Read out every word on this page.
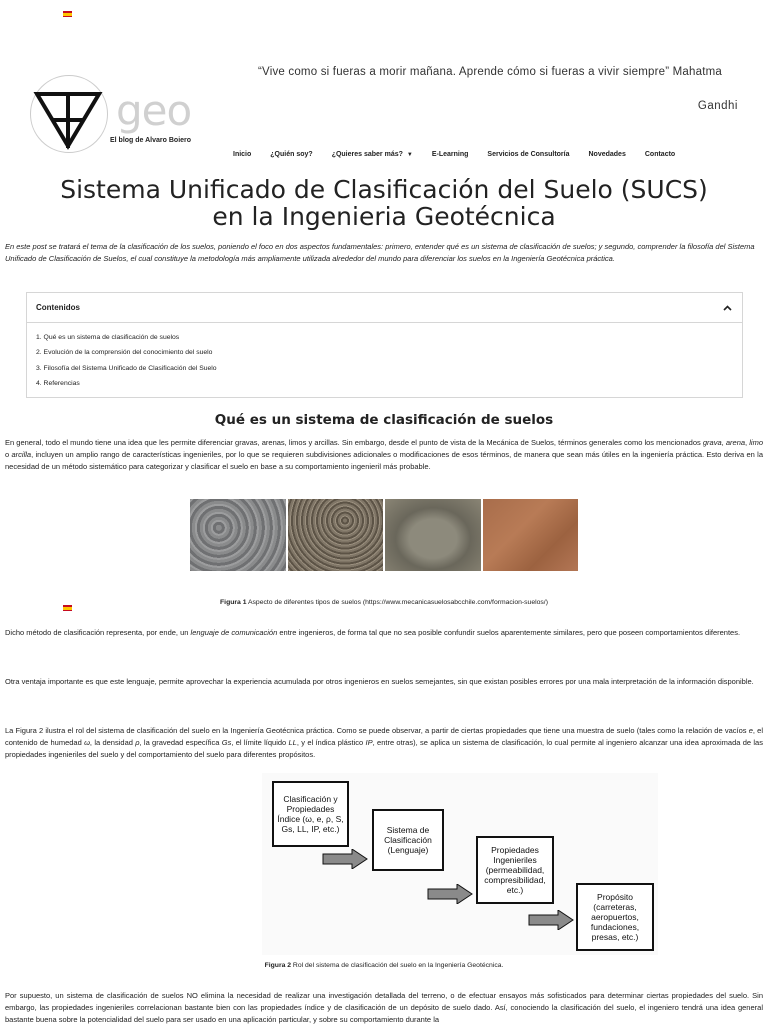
“Vive como si fueras a morir mañana. Aprende cómo si fueras a vivir siempre” Mahatma
Gandhi
geo
El blog de Alvaro Boiero
Inicio	¿Quién soy?	¿Quieres saber más? ▼	E-Learning	Servicios de Consultoría	Novedades	Contacto
Sistema Unificado de Clasificación del Suelo (SUCS)
en la Ingenieria Geotécnica

En este post se tratará el tema de la clasificación de los suelos, poniendo el foco en dos aspectos fundamentales: primero, entender qué es un sistema de clasificación de suelos; y segundo, comprender la filosofía del Sistema Unificado de Clasificación de Suelos, el cual constituye la metodología más ampliamente utilizada alrededor del mundo para diferenciar los suelos en la Ingeniería Geotécnica práctica.

Contenidos
1. Qué es un sistema de clasificación de suelos
2. Evolución de la comprensión del conocimiento del suelo
3. Filosofía del Sistema Unificado de Clasificación del Suelo
4. Referencias
Qué es un sistema de clasificación de suelos

En general, todo el mundo tiene una idea que les permite diferenciar gravas, arenas, limos y arcillas. Sin embargo, desde el punto de vista de la Mecánica de Suelos, términos generales como los mencionados grava, arena, limo o arcilla, incluyen un amplio rango de características ingenieriles, por lo que se requieren subdivisiones adicionales o modificaciones de esos términos, de manera que sean más útiles en la ingeniería práctica. Esto deriva en la necesidad de un método sistemático para categorizar y clasificar el suelo en base a su comportamiento ingenieril más probable.

Figura 1 Aspecto de diferentes tipos de suelos (https://www.mecanicasuelosabcchile.com/formacion-suelos/)

Dicho método de clasificación representa, por ende, un lenguaje de comunicación entre ingenieros, de forma tal que no sea posible confundir suelos aparentemente similares, pero que poseen comportamientos diferentes.

Otra ventaja importante es que este lenguaje, permite aprovechar la experiencia acumulada por otros ingenieros en suelos semejantes, sin que existan posibles errores por una mala interpretación de la información disponible.

La Figura 2 ilustra el rol del sistema de clasificación del suelo en la Ingeniería Geotécnica práctica. Como se puede observar, a partir de ciertas propiedades que tiene una muestra de suelo (tales como la relación de vacíos e, el contenido de humedad ω, la densidad ρ, la gravedad específica Gs, el límite líquido LL, y el índica plástico IP, entre otras), se aplica un sistema de clasificación, lo cual permite al ingeniero alcanzar una idea aproximada de las propiedades ingenieriles del suelo y del comportamiento del suelo para diferentes propósitos.

Clasificación y Propiedades Índice (ω, e, ρ, S, Gs, LL, IP, etc.)	Sistema de Clasificación (Lenguaje)	Propiedades Ingenieriles (permeabilidad, compresibilidad, etc.)
Propósito (carreteras, aeropuertos, fundaciones, presas, etc.)
Figura 2 Rol del sistema de clasificación del suelo en la Ingeniería Geotécnica.

Por supuesto, un sistema de clasificación de suelos NO elimina la necesidad de realizar una investigación detallada del terreno, o de efectuar ensayos más sofisticados para determinar ciertas propiedades del suelo. Sin embargo, las propiedades ingenieriles correlacionan bastante bien con las propiedades índice y de clasificación de un depósito de suelo dado. Así, conociendo la clasificación del suelo, el ingeniero tendrá una idea general bastante buena sobre la potencialidad del suelo para ser usado en una aplicación particular, y sobre su comportamiento durante la
